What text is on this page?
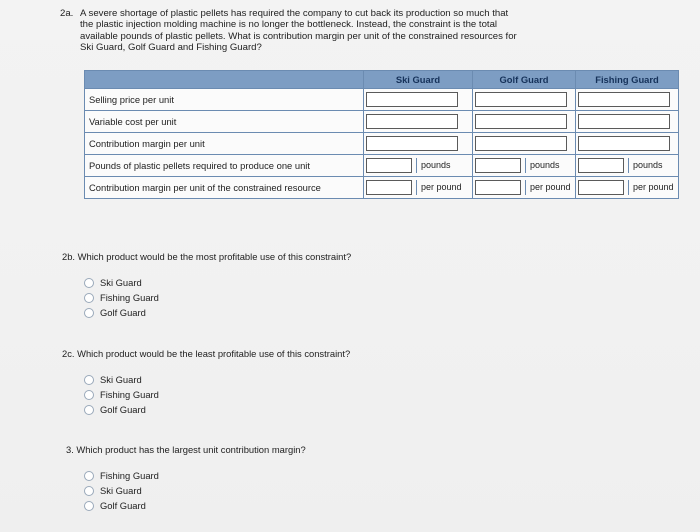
2a. A severe shortage of plastic pellets has required the company to cut back its production so much that
the plastic injection molding machine is no longer the bottleneck. Instead, the constraint is the total
available pounds of plastic pellets. What is contribution margin per unit of the constrained resources for
Ski Guard, Golf Guard and Fishing Guard?
	Ski Guard	Golf Guard	Fishing Guard
Selling price per unit			
Variable cost per unit			
Contribution margin per unit			
Pounds of plastic pellets required to produce one unit	pounds	pounds	pounds

Contribution margin per unit of the constrained resource	per pound	per pound	per pound
2b. Which product would be the most profitable use of this constraint?
Ski Guard
Fishing Guard
Golf Guard
2c. Which product would be the least profitable use of this constraint?
Ski Guard
Fishing Guard
Golf Guard
3. Which product has the largest unit contribution margin?
Fishing Guard
Ski Guard
Golf Guard
